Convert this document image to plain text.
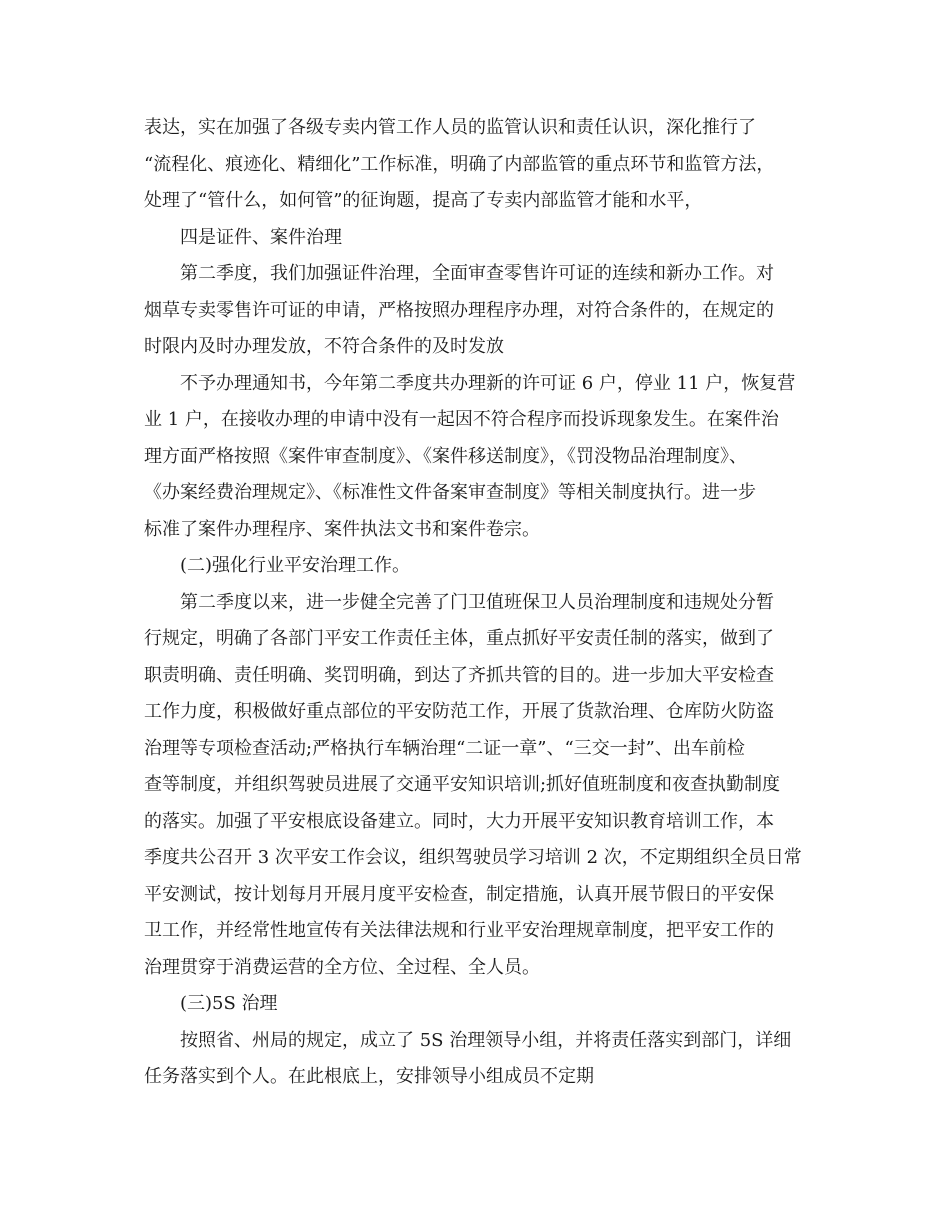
表达，实在加强了各级专卖内管工作人员的监管认识和责任认识，深化推行了

“流程化、痕迹化、精细化”工作标准，明确了内部监管的重点环节和监管方法，

处理了“管什么，如何管”的征询题，提高了专卖内部监管才能和水平，

四是证件、案件治理

第二季度，我们加强证件治理，全面审查零售许可证的连续和新办工作。对

烟草专卖零售许可证的申请，严格按照办理程序办理，对符合条件的，在规定的

时限内及时办理发放，不符合条件的及时发放

不予办理通知书，今年第二季度共办理新的许可证 6 户，停业 11 户，恢复营

业 1 户，在接收办理的申请中没有一起因不符合程序而投诉现象发生。在案件治

理方面严格按照《案件审查制度》、《案件移送制度》，《罚没物品治理制度》、

《办案经费治理规定》、《标准性文件备案审查制度》等相关制度执行。进一步

标准了案件办理程序、案件执法文书和案件卷宗。

(二)强化行业平安治理工作。

第二季度以来，进一步健全完善了门卫值班保卫人员治理制度和违规处分暂

行规定，明确了各部门平安工作责任主体，重点抓好平安责任制的落实，做到了

职责明确、责任明确、奖罚明确，到达了齐抓共管的目的。进一步加大平安检查

工作力度，积极做好重点部位的平安防范工作，开展了货款治理、仓库防火防盗

治理等专项检查活动;严格执行车辆治理“二证一章”、“三交一封”、出车前检

查等制度，并组织驾驶员进展了交通平安知识培训;抓好值班制度和夜查执勤制度

的落实。加强了平安根底设备建立。同时，大力开展平安知识教育培训工作，本

季度共公召开 3 次平安工作会议，组织驾驶员学习培训 2 次，不定期组织全员日常

平安测试，按计划每月开展月度平安检查，制定措施，认真开展节假日的平安保

卫工作，并经常性地宣传有关法律法规和行业平安治理规章制度，把平安工作的

治理贯穿于消费运营的全方位、全过程、全人员。

(三)5S 治理

按照省、州局的规定，成立了 5S 治理领导小组，并将责任落实到部门，详细

任务落实到个人。在此根底上，安排领导小组成员不定期
